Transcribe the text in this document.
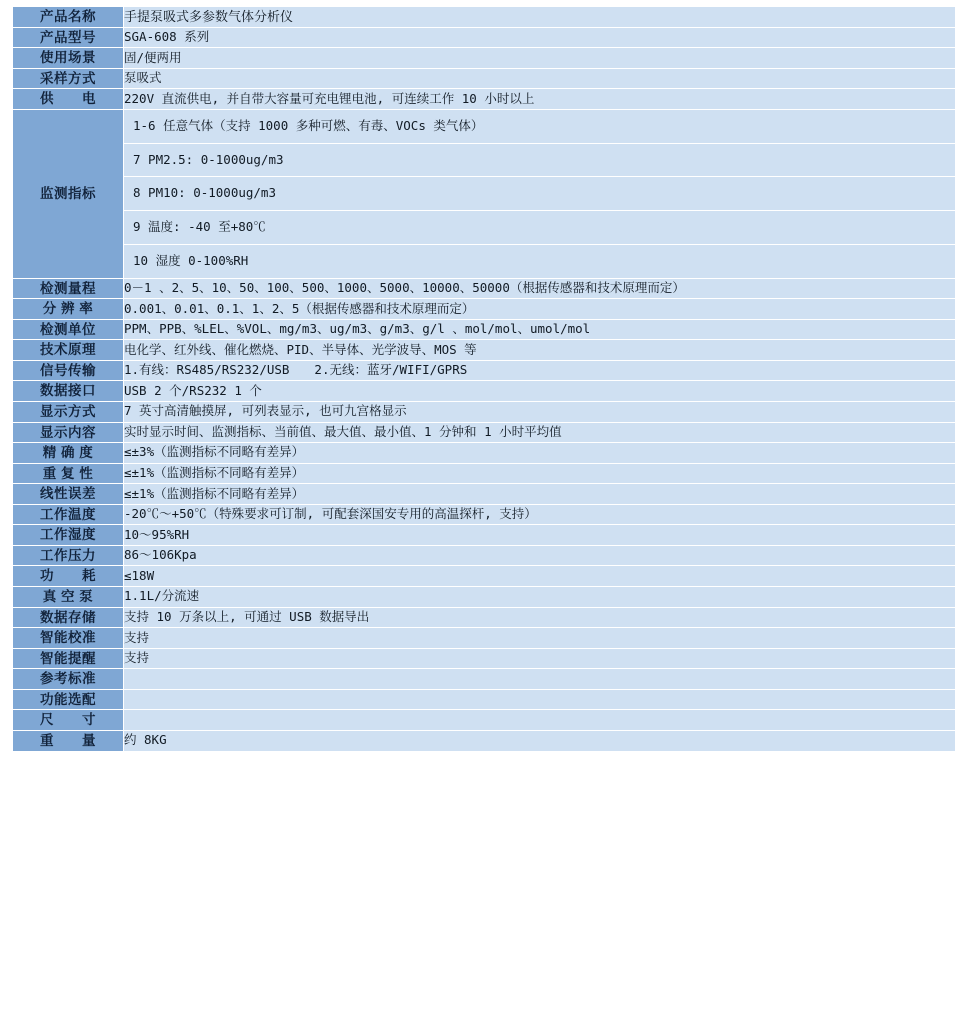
产品名称	手提泵吸式多参数气体分析仪
产品型号	SGA-608 系列
使用场景	固/便两用
采样方式	泵吸式
供　　电	220V 直流供电, 并自带大容量可充电锂电池, 可连续工作 10 小时以上
监测指标	1-6 任意气体（支持 1000 多种可燃、有毒、VOCs 类气体）
7 PM2.5: 0-1000ug/m3
8 PM10: 0-1000ug/m3
9 温度: -40 至+80℃
10 湿度 0-100%RH

检测量程	0－1 、2、5、10、50、100、500、1000、5000、10000、50000（根据传感器和技术原理而定）
分 辨 率	0.001、0.01、0.1、1、2、5（根据传感器和技术原理而定）
检测单位	PPM、PPB、%LEL、%VOL、mg/m3、ug/m3、g/m3、g/l 、mol/mol、umol/mol
技术原理	电化学、红外线、催化燃烧、PID、半导体、光学波导、MOS 等
信号传输	1.有线：RS485/RS232/USB　　2.无线：蓝牙/WIFI/GPRS
数据接口	USB 2 个/RS232 1 个
显示方式	7 英寸高清触摸屏, 可列表显示, 也可九宫格显示
显示内容	实时显示时间、监测指标、当前值、最大值、最小值、1 分钟和 1 小时平均值
精 确 度	≤±3%（监测指标不同略有差异）
重 复 性	≤±1%（监测指标不同略有差异）
线性误差	≤±1%（监测指标不同略有差异）
工作温度	-20℃～+50℃（特殊要求可订制, 可配套深国安专用的高温探杆, 支持）
工作湿度	10～95%RH
工作压力	86～106Kpa
功　　耗	≤18W
真 空 泵	1.1L/分流速
数据存储	支持 10 万条以上, 可通过 USB 数据导出
智能校准	支持
智能提醒	支持
参考标准	
功能选配	

尺　　寸	

重　　量	约 8KG
